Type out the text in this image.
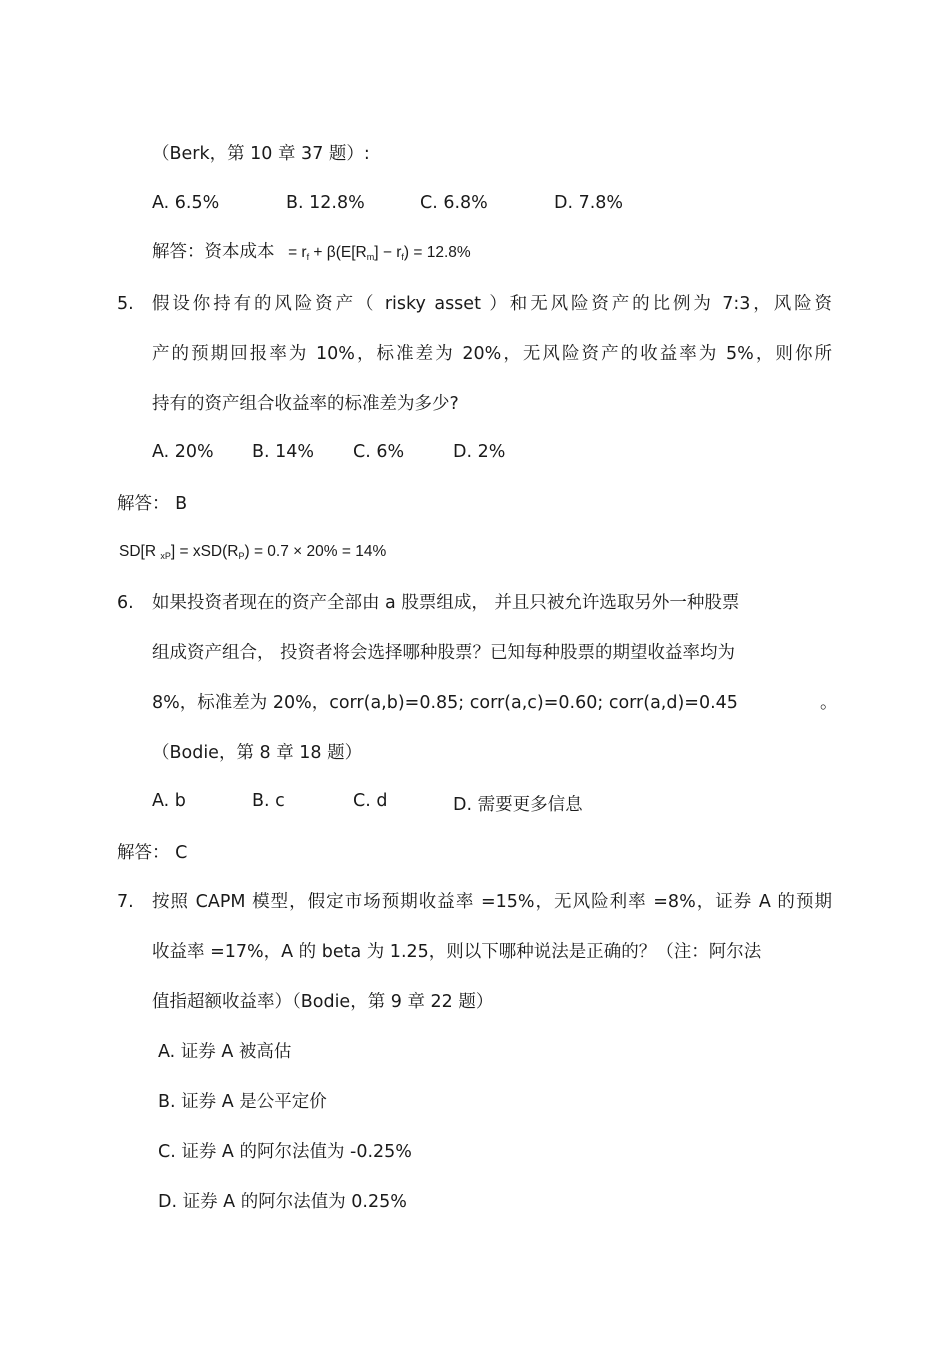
（Berk，第 10 章 37 题）:
A. 6.5%	B. 12.8%	C. 6.8%	D. 7.8%
解答：资本成本 = $r_f + \beta(E[R_m] - r_f) = 12.8\%$
5. 假设你持有的风险资产（ risky asset ）和无风险资产的比例为 7:3，风险资
产的预期回报率为 10%，标准差为 20%，无风险资产的收益率为 5%，则你所
持有的资产组合收益率的标准差为多少?
A. 20% B. 14% C. 6%	D. 2%
解答： B
SD[R $_{xP}] = xSD(R_P) = 0.7 \times 20\% = 14\%$
6. 如果投资者现在的资产全部由 a 股票组成， 并且只被允许选取另外一种股票
组成资产组合， 投资者将会选择哪种股票？已知每种股票的期望收益率均为
8%，标准差为 20%，corr(a,b)=0.85; corr(a,c)=0.60; corr(a,d)=0.45	。
（Bodie，第 8 章 18 题）
A. b	B. c	C. d	D. 需要更多信息
解答： C
7. 按照 CAPM 模型，假定市场预期收益率 =15%，无风险利率 =8%，证券 A 的预期
收益率 =17%，A 的 beta 为 1.25，则以下哪种说法是正确的？（注：阿尔法
值指超额收益率）（Bodie，第 9 章 22 题）
A. 证券 A 被高估
B. 证券 A 是公平定价
C. 证券 A 的阿尔法值为 -0.25%
D. 证券 A 的阿尔法值为 0.25%
